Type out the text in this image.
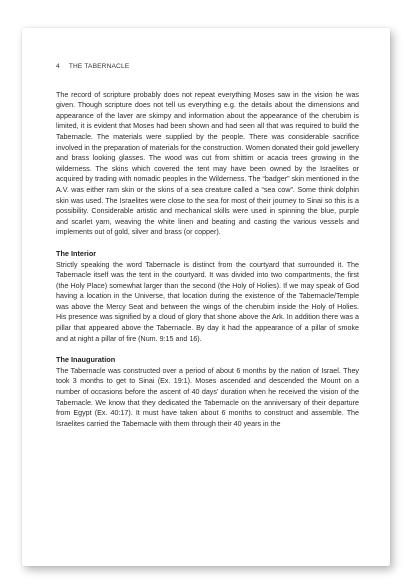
4 THE TABERNACLE

The record of scripture probably does not repeat everything Moses saw in the vision he was given. Though scripture does not tell us everything e.g. the details about the dimensions and appearance of the laver are skimpy and information about the appearance of the cherubim is limited, it is evident that Moses had been shown and had seen all that was required to build the Tabernacle. The materials were supplied by the people. There was considerable sacrifice involved in the preparation of materials for the construction. Women donated their gold jewellery and brass looking glasses. The wood was cut from shittim or acacia trees growing in the wilderness. The skins which covered the tent may have been owned by the Israelites or acquired by trading with nomadic peoples in the Wilderness. The “badger” skin mentioned in the A.V. was either ram skin or the skins of a sea creature called a “sea cow”. Some think dolphin skin was used. The Israelites were close to the sea for most of their journey to Sinai so this is a possibility. Considerable artistic and mechanical skills were used in spinning the blue, purple and scarlet yarn, weaving the white linen and beating and casting the various vessels and implements out of gold, silver and brass (or copper).

The Interior

Strictly speaking the word Tabernacle is distinct from the courtyard that surrounded it. The Tabernacle itself was the tent in the courtyard. It was divided into two compartments, the first (the Holy Place) somewhat larger than the second (the Holy of Holies). If we may speak of God having a location in the Universe, that location during the existence of the Tabernacle/Temple was above the Mercy Seat and between the wings of the cherubim inside the Holy of Holies. His presence was signified by a cloud of glory that shone above the Ark. In addition there was a pillar that appeared above the Tabernacle. By day it had the appearance of a pillar of smoke and at night a pillar of fire (Num. 9:15 and 16).

The Inauguration

The Tabernacle was constructed over a period of about 6 months by the nation of Israel. They took 3 months to get to Sinai (Ex. 19:1). Moses ascended and descended the Mount on a number of occasions before the ascent of 40 days’ duration when he received the vision of the Tabernacle. We know that they dedicated the Tabernacle on the anniversary of their departure from Egypt (Ex. 40:17). It must have taken about 6 months to construct and assemble. The Israelites carried the Tabernacle with them through their 40 years in the
